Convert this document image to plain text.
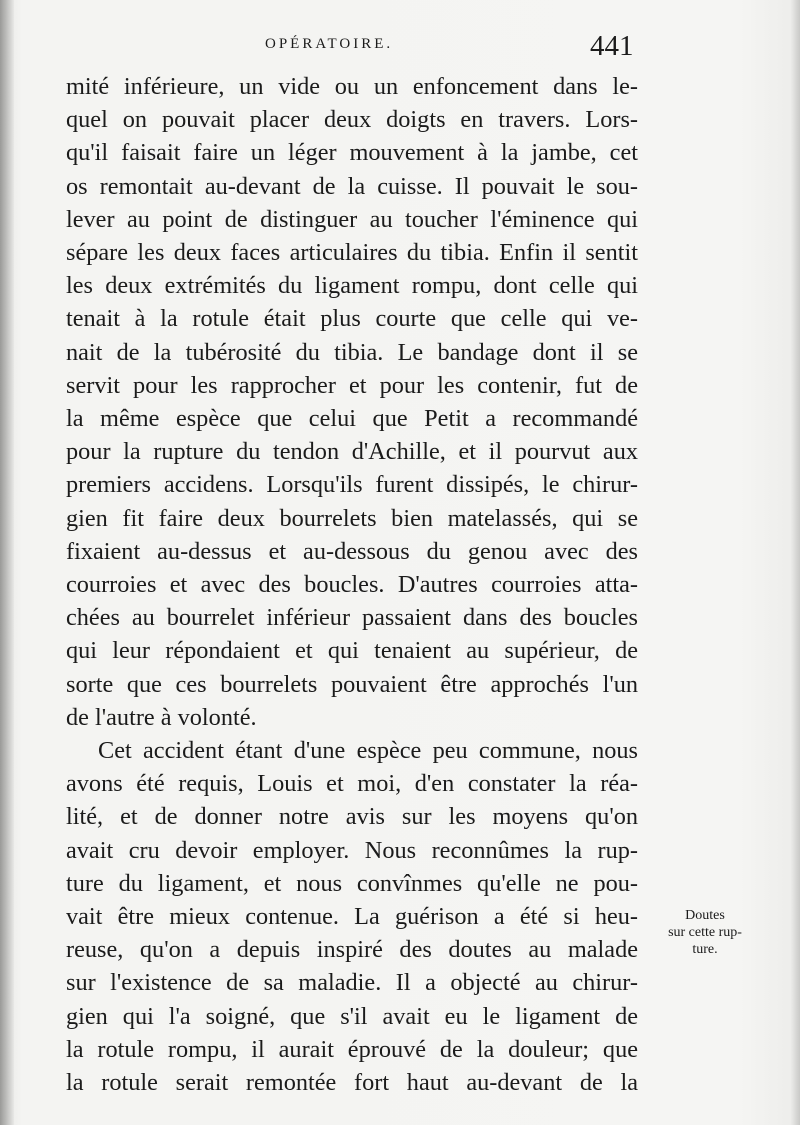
OPÉRATOIRE.	441
mité inférieure, un vide ou un enfoncement dans le-
quel on pouvait placer deux doigts en travers. Lors-
qu'il faisait faire un léger mouvement à la jambe, cet
os remontait au-devant de la cuisse. Il pouvait le sou-
lever au point de distinguer au toucher l'éminence qui
sépare les deux faces articulaires du tibia. Enfin il sentit
les deux extrémités du ligament rompu, dont celle qui
tenait à la rotule était plus courte que celle qui ve-
nait de la tubérosité du tibia. Le bandage dont il se
servit pour les rapprocher et pour les contenir, fut de
la même espèce que celui que Petit a recommandé
pour la rupture du tendon d'Achille, et il pourvut aux
premiers accidens. Lorsqu'ils furent dissipés, le chirur-
gien fit faire deux bourrelets bien matelassés, qui se
fixaient au-dessus et au-dessous du genou avec des
courroies et avec des boucles. D'autres courroies atta-
chées au bourrelet inférieur passaient dans des boucles
qui leur répondaient et qui tenaient au supérieur, de
sorte que ces bourrelets pouvaient être approchés l'un
de l'autre à volonté.
Cet accident étant d'une espèce peu commune, nous
avons été requis, Louis et moi, d'en constater la réa-
lité, et de donner notre avis sur les moyens qu'on
avait cru devoir employer. Nous reconnûmes la rup-
ture du ligament, et nous convînmes qu'elle ne pou-
vait être mieux contenue. La guérison a été si heu-
reuse, qu'on a depuis inspiré des doutes au malade
sur l'existence de sa maladie. Il a objecté au chirur-
gien qui l'a soigné, que s'il avait eu le ligament de
la rotule rompu, il aurait éprouvé de la douleur; que
la rotule serait remontée fort haut au-devant de la
Doutes
sur cette rup-
ture.
